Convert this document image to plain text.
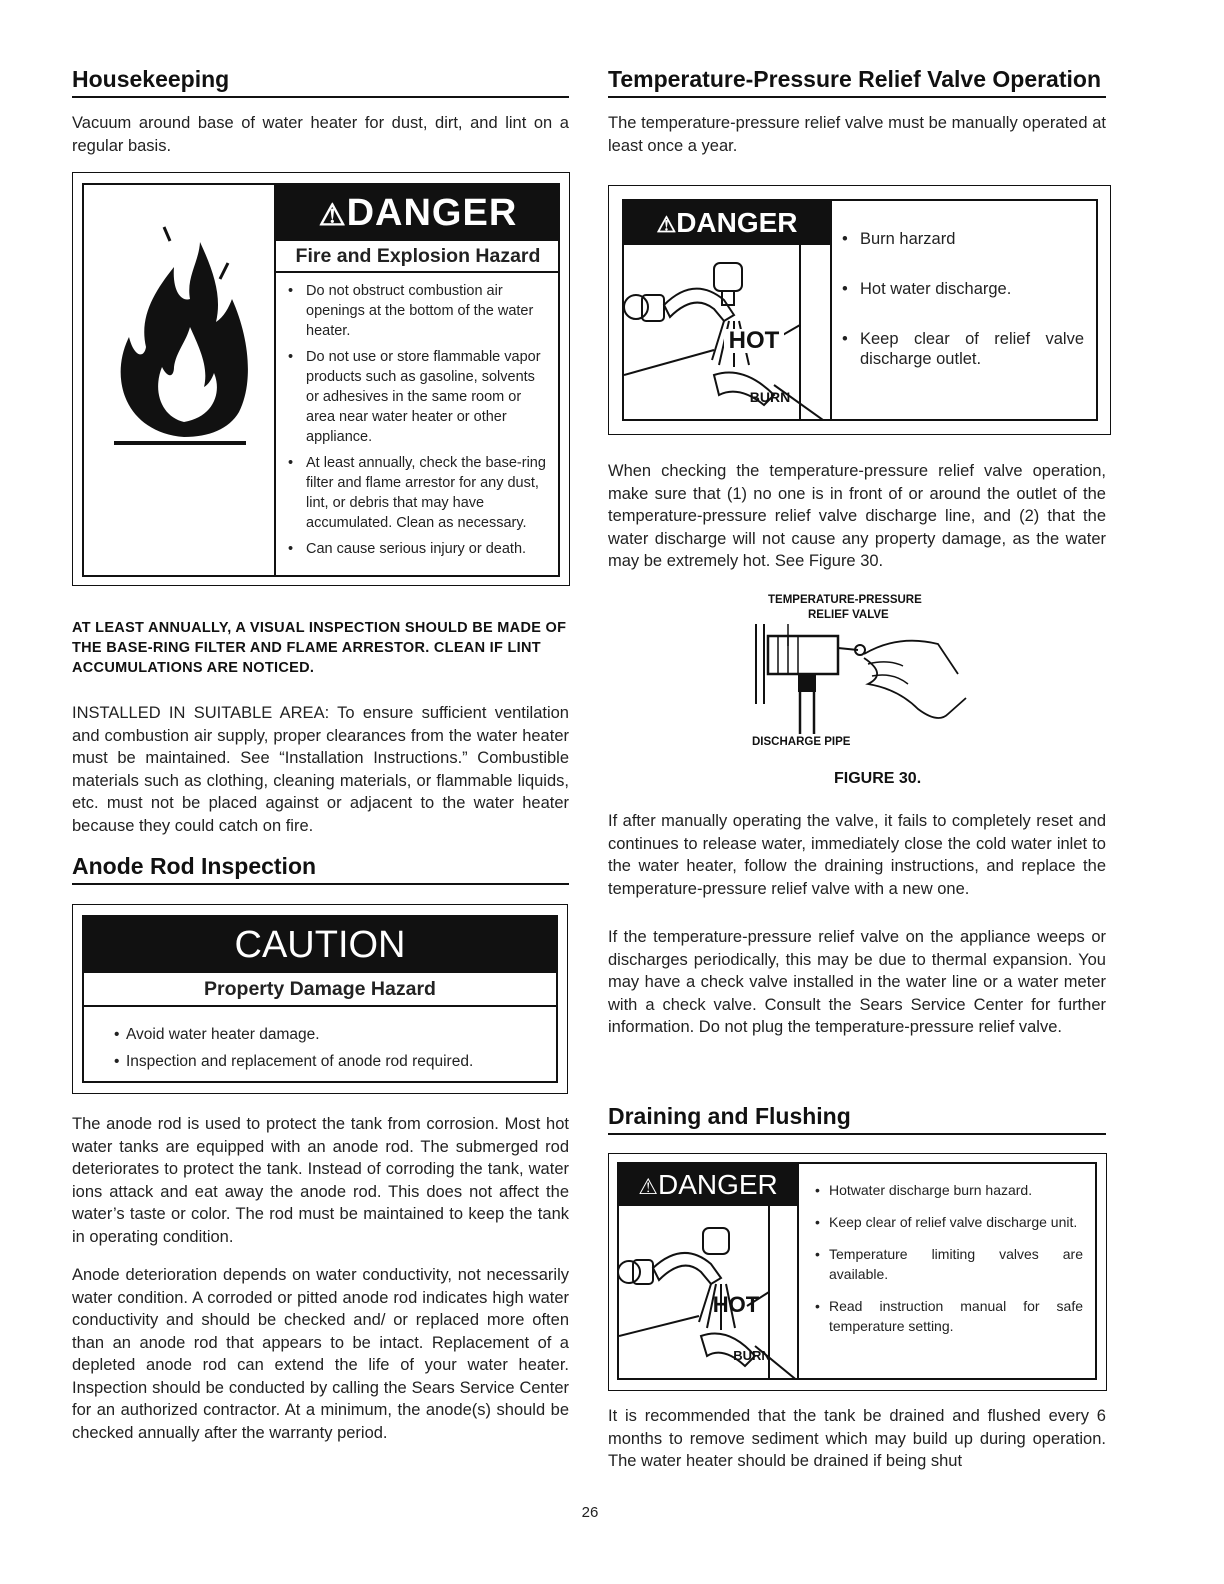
Housekeeping

Vacuum around base of water heater for dust, dirt, and lint on a regular basis.

⚠DANGER
Fire and Explosion Hazard
• Do not obstruct combustion air openings at the bottom of the water heater.
• Do not use or store flammable vapor products such as gasoline, solvents or adhesives in the same room or area near water heater or other appliance.
• At least annually, check the base-ring filter and flame arrestor for any dust, lint, or debris that may have accumulated. Clean as necessary.
• Can cause serious injury or death.

AT LEAST ANNUALLY, A VISUAL INSPECTION SHOULD BE MADE OF THE BASE-RING FILTER AND FLAME ARRESTOR. CLEAN IF LINT ACCUMULATIONS ARE NOTICED.

INSTALLED IN SUITABLE AREA: To ensure sufficient ventilation and combustion air supply, proper clearances from the water heater must be maintained. See “Installation Instructions.” Combustible materials such as clothing, cleaning materials, or flammable liquids, etc. must not be placed against or adjacent to the water heater because they could catch on fire.

Anode Rod Inspection
CAUTION
Property Damage Hazard
• Avoid water heater damage.
• Inspection and replacement of anode rod required.

The anode rod is used to protect the tank from corrosion. Most hot water tanks are equipped with an anode rod. The submerged rod deteriorates to protect the tank. Instead of corroding the tank, water ions attack and eat away the anode rod. This does not affect the water’s taste or color. The rod must be maintained to keep the tank in operating condition.

Anode deterioration depends on water conductivity, not necessarily water condition. A corroded or pitted anode rod indicates high water conductivity and should be checked and/ or replaced more often than an anode rod that appears to be intact. Replacement of a depleted anode rod can extend the life of your water heater. Inspection should be conducted by calling the Sears Service Center for an authorized contractor. At a minimum, the anode(s) should be checked annually after the warranty period.

Temperature-Pressure Relief Valve Operation

The temperature-pressure relief valve must be manually operated at least once a year.

⚠DANGER
HOT
BURN
• Burn harzard
• Hot water discharge.
• Keep clear of relief valve discharge outlet.

When checking the temperature-pressure relief valve operation, make sure that (1) no one is in front of or around the outlet of the temperature-pressure relief valve discharge line, and (2) that the water discharge will not cause any property damage, as the water may be extremely hot. See Figure 30.

TEMPERATURE-PRESSURE
RELIEF VALVE
DISCHARGE PIPE
FIGURE 30.

If after manually operating the valve, it fails to completely reset and continues to release water, immediately close the cold water inlet to the water heater, follow the draining instructions, and replace the temperature-pressure relief valve with a new one.

If the temperature-pressure relief valve on the appliance weeps or discharges periodically, this may be due to thermal expansion. You may have a check valve installed in the water line or a water meter with a check valve. Consult the Sears Service Center for further information. Do not plug the temperature-pressure relief valve.

Draining and Flushing
⚠DANGER
HOT
BURN
• Hotwater discharge burn hazard.
• Keep clear of relief valve discharge unit.
• Temperature limiting valves are available.
• Read instruction manual for safe temperature setting.

It is recommended that the tank be drained and flushed every 6 months to remove sediment which may build up during operation. The water heater should be drained if being shut

26
